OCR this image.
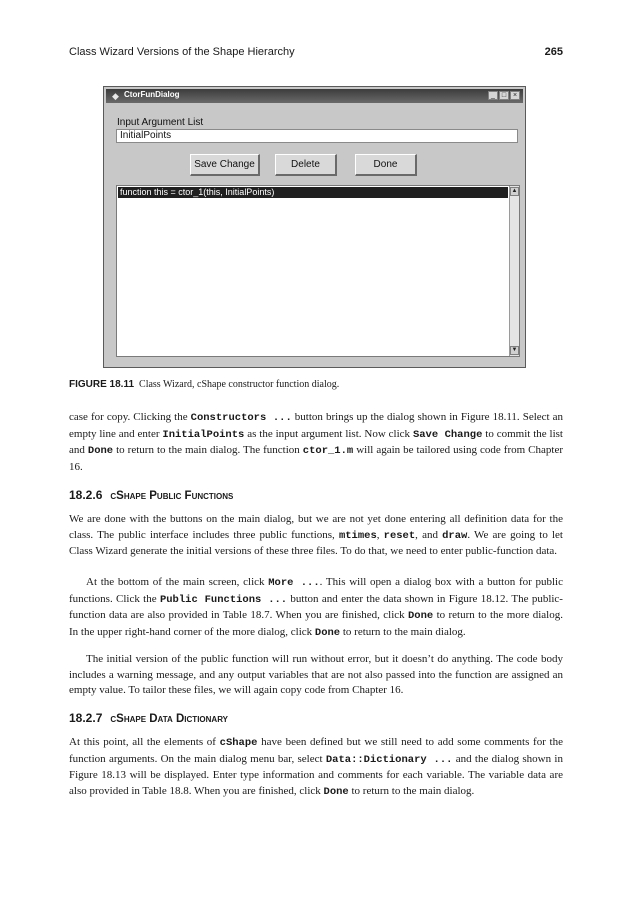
Class Wizard Versions of the Shape Hierarchy	265
◆ CtorFunDialog	_ □ ×
Input Argument List
InitialPoints
Save Change	Delete	Done
function this = ctor_1(this, InitialPoints)	▲
▼
FIGURE 18.11 Class Wizard, cShape constructor function dialog.

case for copy. Clicking the Constructors ... button brings up the dialog shown in Figure 18.11. Select an empty line and enter InitialPoints as the input argument list. Now click Save Change to commit the list and Done to return to the main dialog. The function ctor_1.m will again be tailored using code from Chapter 16.

18.2.6 cShape Public Functions

We are done with the buttons on the main dialog, but we are not yet done entering all definition data for the class. The public interface includes three public functions, mtimes, reset, and draw. We are going to let Class Wizard generate the initial versions of these three files. To do that, we need to enter public-function data.

At the bottom of the main screen, click More .... This will open a dialog box with a button for public functions. Click the Public Functions ... button and enter the data shown in Figure 18.12. The public-function data are also provided in Table 18.7. When you are finished, click Done to return to the more dialog. In the upper right-hand corner of the more dialog, click Done to return to the main dialog.

The initial version of the public function will run without error, but it doesn’t do anything. The code body includes a warning message, and any output variables that are not also passed into the function are assigned an empty value. To tailor these files, we will again copy code from Chapter 16.

18.2.7 cShape Data Dictionary

At this point, all the elements of cShape have been defined but we still need to add some comments for the function arguments. On the main dialog menu bar, select Data::Dictionary ... and the dialog shown in Figure 18.13 will be displayed. Enter type information and comments for each variable. The variable data are also provided in Table 18.8. When you are finished, click Done to return to the main dialog.
